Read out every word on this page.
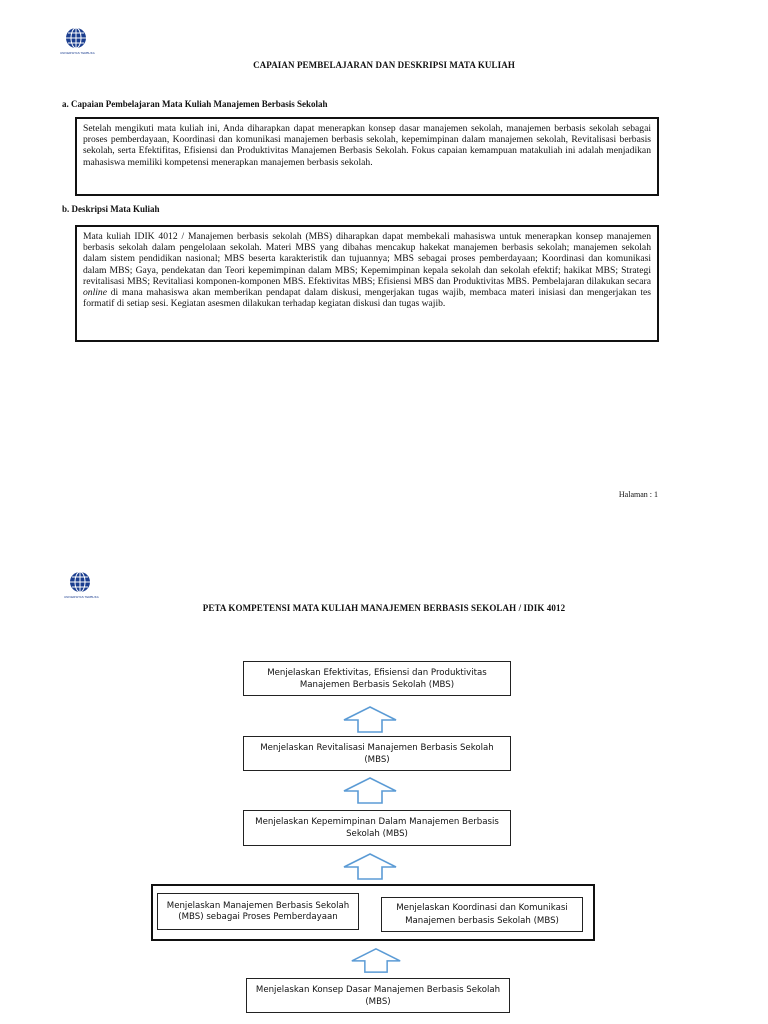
UNIVERSITAS TERBUKA
CAPAIAN PEMBELAJARAN DAN DESKRIPSI MATA KULIAH
a. Capaian Pembelajaran Mata Kuliah Manajemen Berbasis Sekolah
Setelah mengikuti mata kuliah ini, Anda diharapkan dapat menerapkan konsep dasar manajemen sekolah, manajemen berbasis sekolah sebagai proses pemberdayaan, Koordinasi dan komunikasi manajemen berbasis sekolah, kepemimpinan dalam manajemen sekolah, Revitalisasi berbasis sekolah, serta Efektifitas, Efisiensi dan Produktivitas Manajemen Berbasis Sekolah. Fokus capaian kemampuan matakuliah ini adalah menjadikan mahasiswa memiliki kompetensi menerapkan manajemen berbasis sekolah.
b. Deskripsi Mata Kuliah
Mata kuliah IDIK 4012 / Manajemen berbasis sekolah (MBS) diharapkan dapat membekali mahasiswa untuk menerapkan konsep manajemen berbasis sekolah dalam pengelolaan sekolah. Materi MBS yang dibahas mencakup hakekat manajemen berbasis sekolah; manajemen sekolah dalam sistem pendidikan nasional; MBS beserta karakteristik dan tujuannya; MBS sebagai proses pemberdayaan; Koordinasi dan komunikasi dalam MBS; Gaya, pendekatan dan Teori kepemimpinan dalam MBS; Kepemimpinan kepala sekolah dan sekolah efektif; hakikat MBS; Strategi revitalisasi MBS; Revitaliasi komponen-komponen MBS. Efektivitas MBS; Efisiensi MBS dan Produktivitas MBS. Pembelajaran dilakukan secara online di mana mahasiswa akan memberikan pendapat dalam diskusi, mengerjakan tugas wajib, membaca materi inisiasi dan mengerjakan tes formatif di setiap sesi. Kegiatan asesmen dilakukan terhadap kegiatan diskusi dan tugas wajib.
Halaman : 1
UNIVERSITAS TERBUKA
PETA KOMPETENSI MATA KULIAH MANAJEMEN BERBASIS SEKOLAH / IDIK 4012
Menjelaskan Efektivitas, Efisiensi dan Produktivitas Manajemen Berbasis Sekolah (MBS)
Menjelaskan Revitalisasi Manajemen Berbasis Sekolah (MBS)
Menjelaskan Kepemimpinan Dalam Manajemen Berbasis Sekolah (MBS)
Menjelaskan Manajemen Berbasis Sekolah (MBS) sebagai Proses Pemberdayaan
Menjelaskan Koordinasi dan Komunikasi Manajemen berbasis Sekolah (MBS)
Menjelaskan Konsep Dasar Manajemen Berbasis Sekolah (MBS)
